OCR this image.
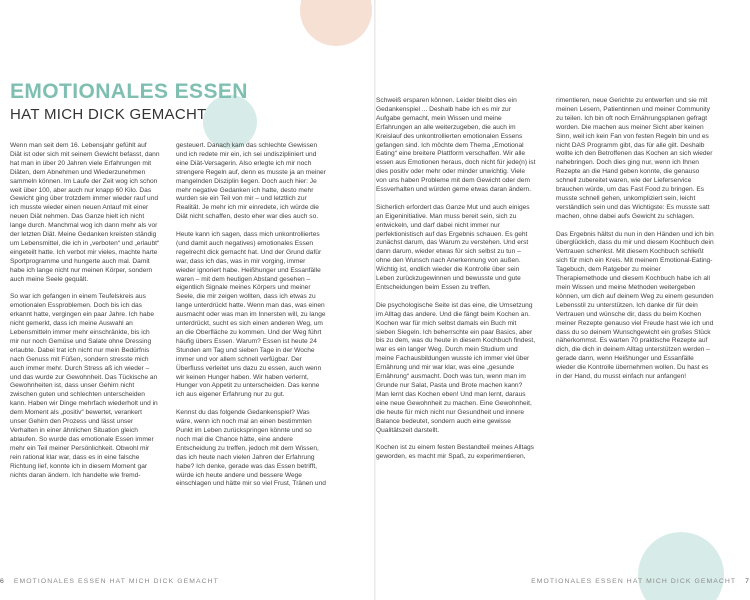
EMOTIONALES ESSEN
HAT MICH DICK GEMACHT

Wenn man seit dem 16. Lebensjahr gefühlt auf Diät ist oder sich mit seinem Gewicht befasst, dann hat man in über 20 Jahren viele Erfahrungen mit Diäten, dem Abnehmen und Wiederzunehmen sammeln können. Im Laufe der Zeit wog ich schon weit über 100, aber auch nur knapp 60 Kilo. Das Gewicht ging über trotzdem immer wieder rauf und ich musste wieder einen neuen Anlauf mit einer neuen Diät nehmen. Das Ganze hielt ich nicht lange durch. Manchmal wog ich dann mehr als vor der letzten Diät. Meine Gedanken kreisten ständig um Lebensmittel, die ich in „verboten“ und „erlaubt“ eingeteilt hatte. Ich verbot mir vieles, machte harte Sportprogramme und hungerte auch mal. Damit habe ich lange nicht nur meinen Körper, sondern auch meine Seele gequält.

So war ich gefangen in einem Teufelskreis aus emotionalen Essproblemen. Doch bis ich das erkannt hatte, vergingen ein paar Jahre. Ich habe nicht gemerkt, dass ich meine Auswahl an Lebensmitteln immer mehr einschränkte, bis ich mir nur noch Gemüse und Salate ohne Dressing erlaubte. Dabei trat ich nicht nur mein Bedürfnis nach Genuss mit Füßen, sondern stresste mich auch immer mehr. Durch Stress aß ich wieder – und das wurde zur Gewohnheit. Das Tückische an Gewohnheiten ist, dass unser Gehirn nicht zwischen guten und schlechten unterscheiden kann. Haben wir Dinge mehrfach wiederholt und in dem Moment als „positiv“ bewertet, verankert unser Gehirn den Prozess und lässt unser Verhalten in einer ähnlichen Situation gleich ablaufen. So wurde das emotionale Essen immer mehr ein Teil meiner Persönlichkeit. Obwohl mir rein rational klar war, dass es in eine falsche Richtung lief, konnte ich in diesem Moment gar nichts daran ändern. Ich handelte wie fremd-

gesteuert. Danach kam das schlechte Gewissen und ich redete mir ein, ich sei undiszipliniert und eine Diät-Versagerin. Also erlegte ich mir noch strengere Regeln auf, denn es musste ja an meiner mangelnden Disziplin liegen. Doch auch hier: Je mehr negative Gedanken ich hatte, desto mehr wurden sie ein Teil von mir – und letztlich zur Realität. Je mehr ich mir einredete, ich würde die Diät nicht schaffen, desto eher war dies auch so.

Heute kann ich sagen, dass mich unkontrolliertes (und damit auch negatives) emotionales Essen regelrecht dick gemacht hat. Und der Grund dafür war, dass ich das, was in mir vorging, immer wieder ignoriert habe. Heißhunger und Essanfälle waren – mit dem heutigen Abstand gesehen – eigentlich Signale meines Körpers und meiner Seele, die mir zeigen wollten, dass ich etwas zu lange unterdrückt hatte. Wenn man das, was einen ausmacht oder was man im Innersten will, zu lange unterdrückt, sucht es sich einen anderen Weg, um an die Oberfläche zu kommen. Und der Weg führt häufig übers Essen. Warum? Essen ist heute 24 Stunden am Tag und sieben Tage in der Woche immer und vor allem schnell verfügbar. Der Überfluss verleitet uns dazu zu essen, auch wenn wir keinen Hunger haben. Wir haben verlernt, Hunger von Appetit zu unterscheiden. Das kenne ich aus eigener Erfahrung nur zu gut.

Kennst du das folgende Gedankenspiel? Was wäre, wenn ich noch mal an einen bestimmten Punkt im Leben zurückspringen könnte und so noch mal die Chance hätte, eine andere Entscheidung zu treffen, jedoch mit dem Wissen, das ich heute nach vielen Jahren der Erfahrung habe? Ich denke, gerade was das Essen betrifft, würde ich heute andere und bessere Wege einschlagen und hätte mir so viel Frust, Tränen und

6 EMOTIONALES ESSEN HAT MICH DICK GEMACHT

Schweiß ersparen können. Leider bleibt dies ein Gedankenspiel ... Deshalb habe ich es mir zur Aufgabe gemacht, mein Wissen und meine Erfahrungen an alle weiterzugeben, die auch im Kreislauf des unkontrollierten emotionalen Essens gefangen sind. Ich möchte dem Thema „Emotional Eating“ eine breitere Plattform verschaffen. Wir alle essen aus Emotionen heraus, doch nicht für jede(n) ist dies positiv oder mehr oder minder unwichtig. Viele von uns haben Probleme mit dem Gewicht oder dem Essverhalten und würden gerne etwas daran ändern.

Sicherlich erfordert das Ganze Mut und auch einiges an Eigeninitiative. Man muss bereit sein, sich zu entwickeln, und darf dabei nicht immer nur perfektionistisch auf das Ergebnis schauen. Es geht zunächst darum, das Warum zu verstehen. Und erst dann darum, wieder etwas für sich selbst zu tun – ohne den Wunsch nach Anerkennung von außen. Wichtig ist, endlich wieder die Kontrolle über sein Leben zurückzugewinnen und bewusste und gute Entscheidungen beim Essen zu treffen.

Die psychologische Seite ist das eine, die Umsetzung im Alltag das andere. Und die fängt beim Kochen an. Kochen war für mich selbst damals ein Buch mit sieben Siegeln. Ich beherrschte ein paar Basics, aber bis zu dem, was du heute in diesem Kochbuch findest, war es ein langer Weg. Durch mein Studium und meine Fachausbildungen wusste ich immer viel über Ernährung und mir war klar, was eine „gesunde Ernährung“ ausmacht. Doch was tun, wenn man im Grunde nur Salat, Pasta und Brote machen kann? Man lernt das Kochen eben! Und man lernt, daraus eine neue Gewohnheit zu machen. Eine Gewohnheit, die heute für mich nicht nur Gesundheit und innere Balance bedeutet, sondern auch eine gewisse Qualitätszeit darstellt.

Kochen ist zu einem festen Bestandteil meines Alltags geworden, es macht mir Spaß, zu experimentieren,

rimentieren, neue Gerichte zu entwerfen und sie mit meinen Lesern, Patientinnen und meiner Community zu teilen. Ich bin oft noch Ernährungsplanen gefragt worden. Die machen aus meiner Sicht aber keinen Sinn, weil ich kein Fan von festen Regeln bin und es nicht DAS Programm gibt, das für alle gilt. Deshalb wollte ich den Betroffenen das Kochen an sich wieder nahebringen. Doch dies ging nur, wenn ich Ihnen Rezepte an die Hand geben konnte, die genauso schnell zubereitet waren, wie der Lieferservice brauchen würde, um das Fast Food zu bringen. Es musste schnell gehen, unkompliziert sein, leicht verständlich sein und das Wichtigste: Es musste satt machen, ohne dabei aufs Gewicht zu schlagen.

Das Ergebnis hältst du nun in den Händen und ich bin überglücklich, dass du mir und diesem Kochbuch dein Vertrauen schenkst. Mit diesem Kochbuch schließt sich für mich ein Kreis. Mit meinem Emotional-Eating-Tagebuch, dem Ratgeber zu meiner Therapiemethode und diesem Kochbuch habe ich all mein Wissen und meine Methoden weitergeben können, um dich auf deinem Weg zu einem gesunden Lebensstil zu unterstützen. Ich danke dir für dein Vertrauen und wünsche dir, dass du beim Kochen meiner Rezepte genauso viel Freude hast wie ich und dass du so deinem Wunschgewicht ein großes Stück näherkommst. Es warten 70 praktische Rezepte auf dich, die dich in deinem Alltag unterstützen werden – gerade dann, wenn Heißhunger und Essanfälle wieder die Kontrolle übernehmen wollen. Du hast es in der Hand, du musst einfach nur anfangen!

EMOTIONALES ESSEN HAT MICH DICK GEMACHT 7
